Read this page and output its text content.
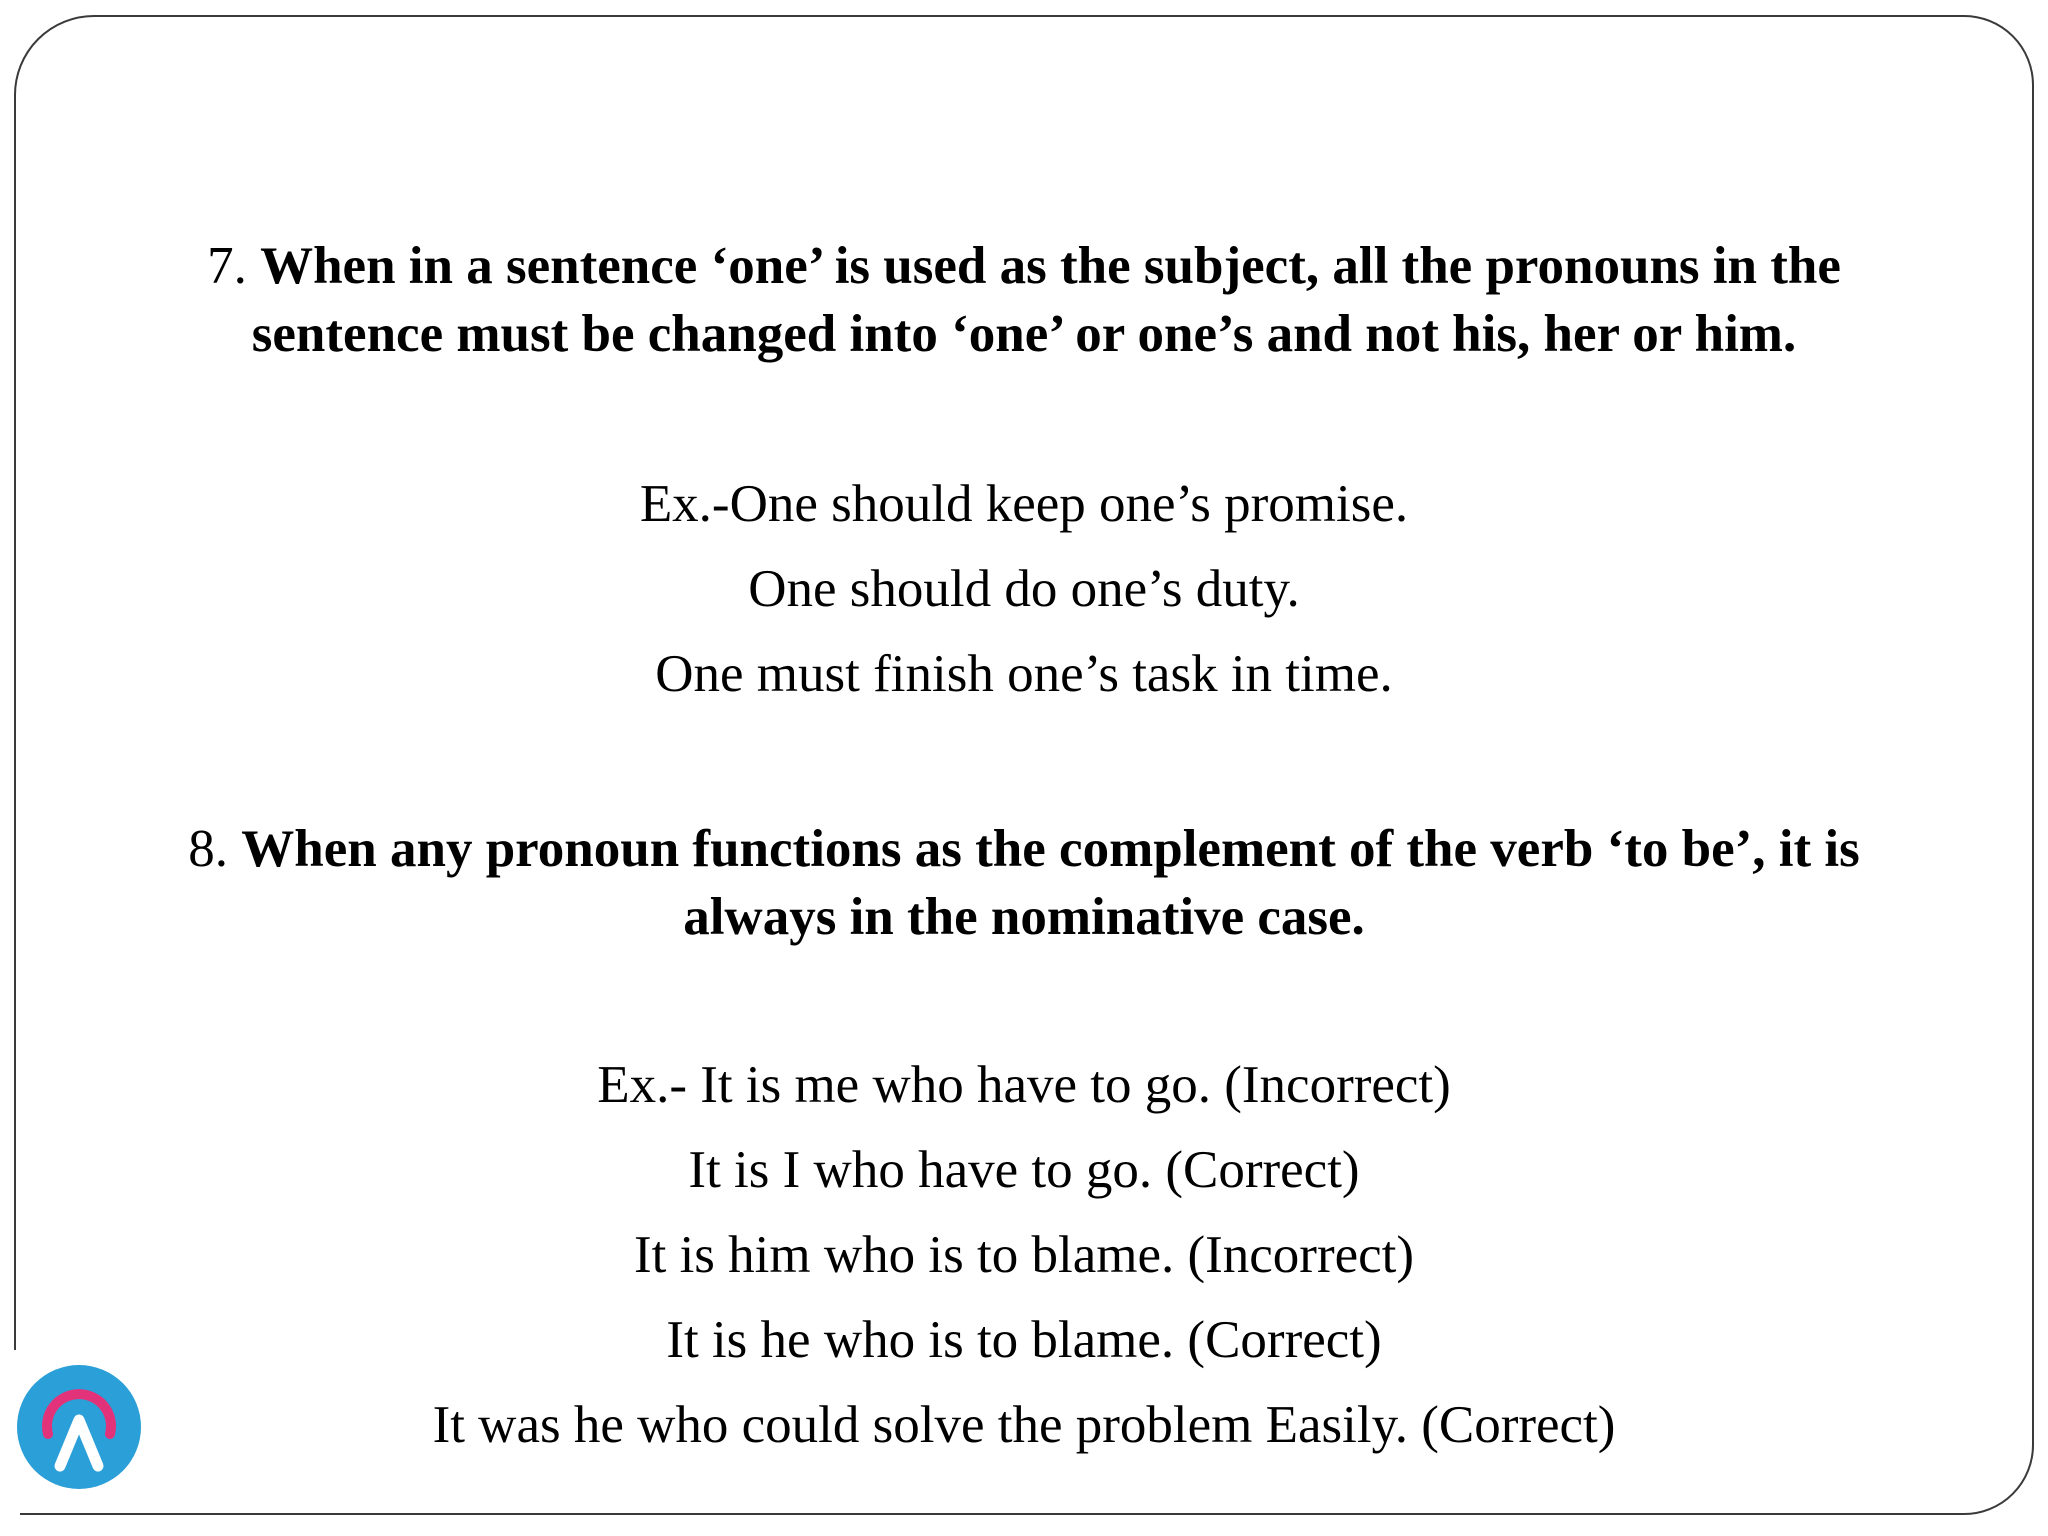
7. When in a sentence ‘one’ is used as the subject, all the pronouns in the
sentence must be changed into ‘one’ or one’s and not his, her or him.
Ex.-One should keep one’s promise.
One should do one’s duty.
One must finish one’s task in time.
8. When any pronoun functions as the complement of the verb ‘to be’, it is
always in the nominative case.
Ex.- It is me who have to go. (Incorrect)
It is I who have to go. (Correct)
It is him who is to blame. (Incorrect)
It is he who is to blame. (Correct)
It was he who could solve the problem Easily. (Correct)
